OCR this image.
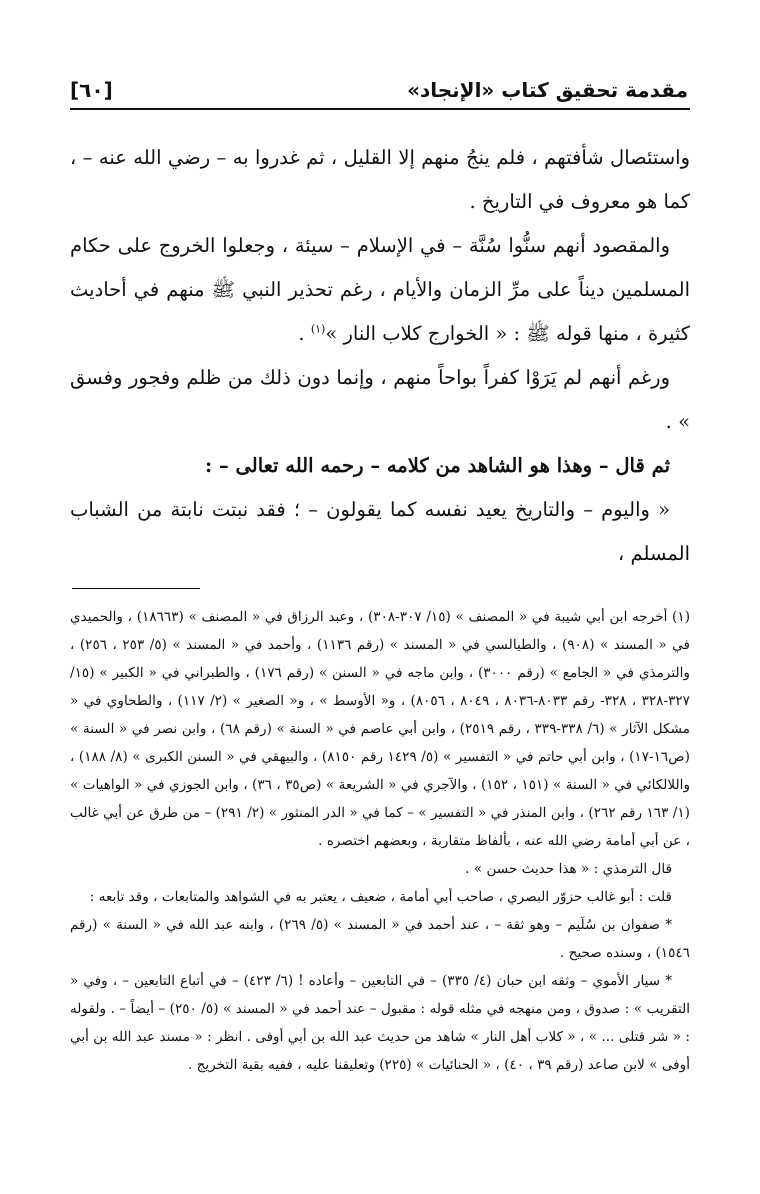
مقدمة تحقيق كتاب «الإنجاد»
[٦٠]

واستئصال شأفتهم ، فلم ينجُ منهم إلا القليل ، ثم غدروا به – رضي الله عنه – ، كما هو معروف في التاريخ .

والمقصود أنهم سنُّوا سُنَّة – في الإسلام – سيئة ، وجعلوا الخروج على حكام المسلمين ديناً على مرِّ الزمان والأيام ، رغم تحذير النبي ﷺ منهم في أحاديث كثيرة ، منها قوله ﷺ : « الخوارج كلاب النار »$^{(١)}$ .

ورغم أنهم لم يَرَوْا كفراً بواحاً منهم ، وإنما دون ذلك من ظلم وفجور وفسق » .

ثم قال – وهذا هو الشاهد من كلامه – رحمه الله تعالى – :

« واليوم – والتاريخ يعيد نفسه كما يقولون – ؛ فقد نبتت نابتة من الشباب المسلم ،

(١) أخرجه ابن أبي شيبة في « المصنف » (١٥/ ٣٠٧-٣٠٨) ، وعبد الرزاق في « المصنف » (١٨٦٦٣) ، والحميدي في « المسند » (٩٠٨) ، والطيالسي في « المسند » (رقم ١١٣٦) ، وأحمد في « المسند » (٥/ ٢٥٣ ، ٢٥٦) ، والترمذي في « الجامع » (رقم ٣٠٠٠) ، وابن ماجه في « السنن » (رقم ١٧٦) ، والطبراني في « الكبير » (١٥/ ٣٢٧-٣٢٨ ، ٣٢٨- رقم ٨٠٣٣-٨٠٣٦ ، ٨٠٤٩ ، ٨٠٥٦) ، و« الأوسط » ، و« الصغير » (٢/ ١١٧) ، والطحاوي في « مشكل الآثار » (٦/ ٣٣٨-٣٣٩ ، رقم ٢٥١٩) ، وابن أبي عاصم في « السنة » (رقم ٦٨) ، وابن نصر في « السنة » (ص١٦-١٧) ، وابن أبي حاتم في « التفسير » (٥/ ١٤٢٩ رقم ٨١٥٠) ، والبيهقي في « السنن الكبرى » (٨/ ١٨٨) ، واللالكائي في « السنة » (١٥١ ، ١٥٢) ، والآجري في « الشريعة » (ص٣٥ ، ٣٦) ، وابن الجوزي في « الواهيات » (١/ ١٦٣ رقم ٢٦٢) ، وابن المنذر في « التفسير » – كما في « الدر المنثور » (٢/ ٢٩١) – من طرق عن أبي غالب ، عن أبي أمامة رضي الله عنه ، بألفاظ متقاربة ، وبعضهم اختصره .

قال الترمذي : « هذا حديث حسن » .

قلت : أبو غالب حزوّر البصري ، صاحب أبي أمامة ، ضعيف ، يعتبر به في الشواهد والمتابعات ، وقد تابعه :

* صفوان بن سُلَيم – وهو ثقة – ، عند أحمد في « المسند » (٥/ ٢٦٩) ، وابنه عبد الله في « السنة » (رقم ١٥٤٦) ، وسنده صحيح .

* سيار الأموي – وثقه ابن حبان (٤/ ٣٣٥) – في التابعين – وأعاده ! (٦/ ٤٢٣) – في أتباع التابعين – ، وفي « التقريب » : صدوق ، ومن منهجه في مثله قوله : مقبول – عند أحمد في « المسند » (٥/ ٢٥٠) – أيضاً – . ولقوله : « شر قتلى ... » ، « كلاب أهل النار » شاهد من حديث عبد الله بن أبي أوفى . انظر : « مسند عبد الله بن أبي أوفى » لابن صاعد (رقم ٣٩ ، ٤٠) ، « الحنائيات » (٢٢٥) وتعليقنا عليه ، ففيه بقية التخريج .
